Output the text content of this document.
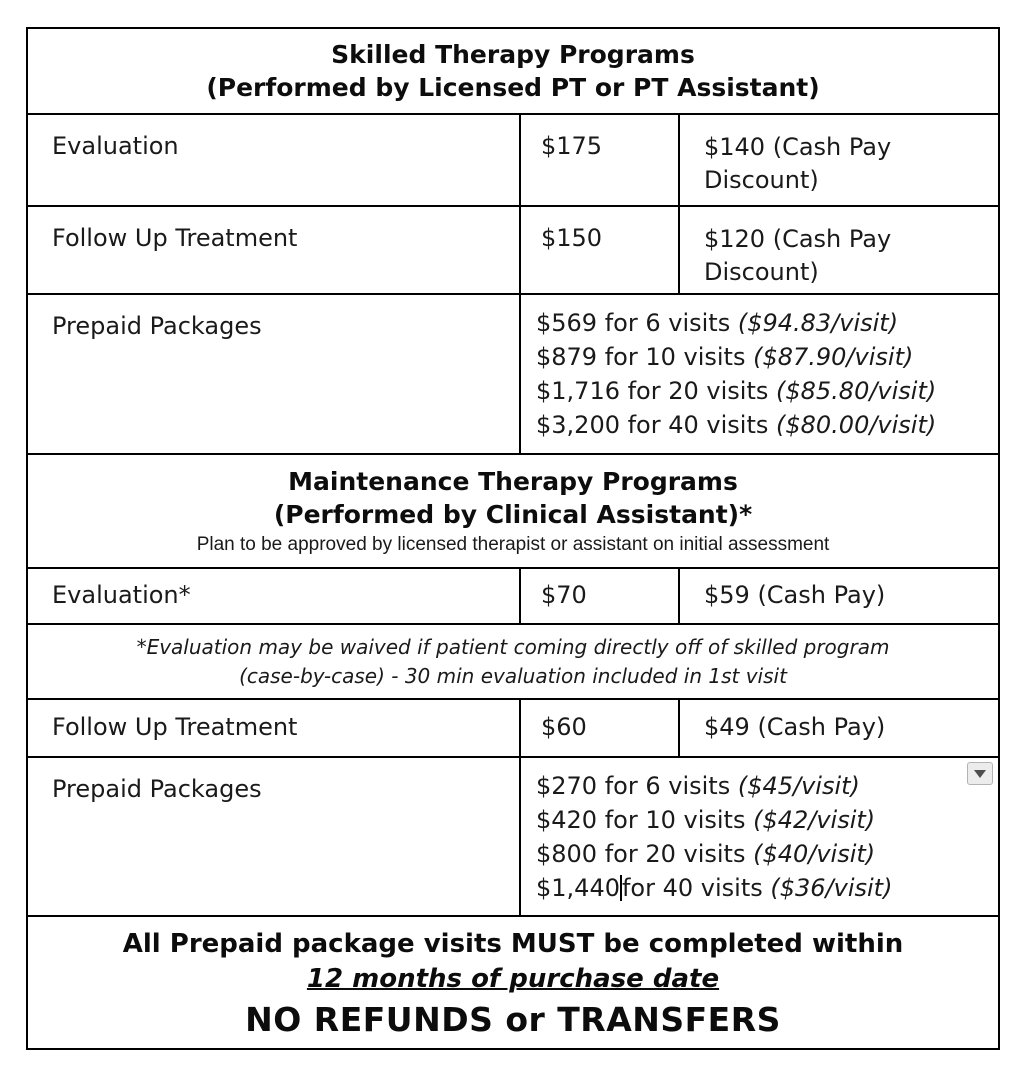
Skilled Therapy Programs
(Performed by Licensed PT or PT Assistant)		

Evaluation	$175	$140 (Cash Pay Discount)

Follow Up Treatment	$150	$120 (Cash Pay Discount)

Prepaid Packages	$569 for 6 visits ($94.83/visit)
$879 for 10 visits ($87.90/visit)
$1,716 for 20 visits ($85.80/visit)
$3,200 for 40 visits ($80.00/visit)	

Maintenance Therapy Programs
(Performed by Clinical Assistant)*
Plan to be approved by licensed therapist or assistant on initial assessment		

Evaluation*	$70	$59 (Cash Pay)

*Evaluation may be waived if patient coming directly off of skilled program
(case-by-case) - 30 min evaluation included in 1st visit		

Follow Up Treatment	$60	$49 (Cash Pay)

Prepaid Packages	$270 for 6 visits ($45/visit)
$420 for 10 visits ($42/visit)
$800 for 20 visits ($40/visit)
$1,440for 40 visits ($36/visit)	

All Prepaid package visits MUST be completed within
12 months of purchase date
NO REFUNDS or TRANSFERS		
